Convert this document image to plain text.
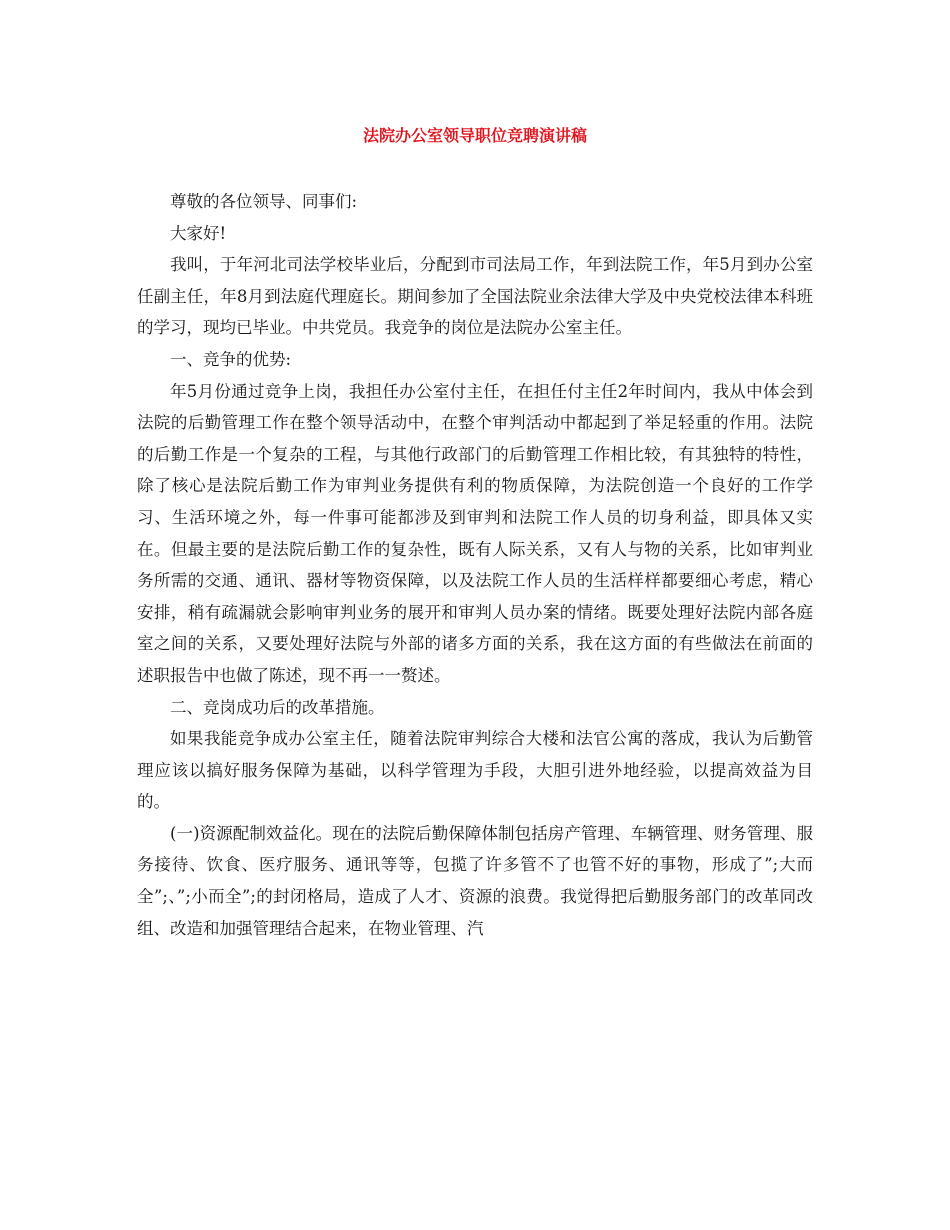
法院办公室领导职位竞聘演讲稿

尊敬的各位领导、同事们:

大家好!

我叫，于年河北司法学校毕业后，分配到市司法局工作，年到法院工作，年5月到办公室任副主任，年8月到法庭代理庭长。期间参加了全国法院业余法律大学及中央党校法律本科班的学习，现均已毕业。中共党员。我竞争的岗位是法院办公室主任。

一、竞争的优势:

年5月份通过竞争上岗，我担任办公室付主任，在担任付主任2年时间内，我从中体会到法院的后勤管理工作在整个领导活动中，在整个审判活动中都起到了举足轻重的作用。法院的后勤工作是一个复杂的工程，与其他行政部门的后勤管理工作相比较，有其独特的特性，除了核心是法院后勤工作为审判业务提供有利的物质保障，为法院创造一个良好的工作学习、生活环境之外，每一件事可能都涉及到审判和法院工作人员的切身利益，即具体又实在。但最主要的是法院后勤工作的复杂性，既有人际关系，又有人与物的关系，比如审判业务所需的交通、通讯、器材等物资保障，以及法院工作人员的生活样样都要细心考虑，精心安排，稍有疏漏就会影响审判业务的展开和审判人员办案的情绪。既要处理好法院内部各庭室之间的关系，又要处理好法院与外部的诸多方面的关系，我在这方面的有些做法在前面的述职报告中也做了陈述，现不再一一赘述。

二、竞岗成功后的改革措施。

如果我能竞争成办公室主任，随着法院审判综合大楼和法官公寓的落成，我认为后勤管理应该以搞好服务保障为基础，以科学管理为手段，大胆引进外地经验，以提高效益为目的。

(一)资源配制效益化。现在的法院后勤保障体制包括房产管理、车辆管理、财务管理、服务接待、饮食、医疗服务、通讯等等，包揽了许多管不了也管不好的事物，形成了”;大而全”;、”;小而全”;的封闭格局，造成了人才、资源的浪费。我觉得把后勤服务部门的改革同改组、改造和加强管理结合起来，在物业管理、汽
